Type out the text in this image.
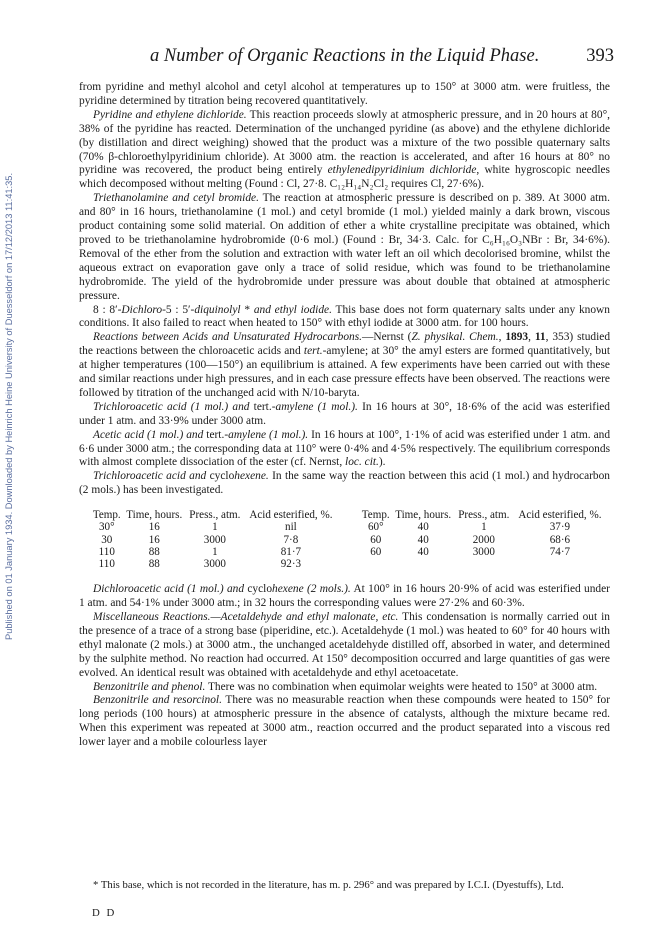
Published on 01 January 1934. Downloaded by Heinrich Heine University of Duesseldorf on 17/12/2013 11:41:35.
a Number of Organic Reactions in the Liquid Phase.	393

from pyridine and methyl alcohol and cetyl alcohol at temperatures up to 150° at 3000 atm. were fruitless, the pyridine determined by titration being recovered quantitatively.

Pyridine and ethylene dichloride. This reaction proceeds slowly at atmospheric pressure, and in 20 hours at 80°, 38% of the pyridine has reacted. Determination of the unchanged pyridine (as above) and the ethylene dichloride (by distillation and direct weighing) showed that the product was a mixture of the two possible quaternary salts (70% β-chloroethylpyridinium chloride). At 3000 atm. the reaction is accelerated, and after 16 hours at 80° no pyridine was recovered, the product being entirely ethylenedipyridinium dichloride, white hygroscopic needles which decomposed without melting (Found : Cl, 27·8. C₁₂H₁₄N₂Cl₂ requires Cl, 27·6%).

Triethanolamine and cetyl bromide. The reaction at atmospheric pressure is described on p. 389. At 3000 atm. and 80° in 16 hours, triethanolamine (1 mol.) and cetyl bromide (1 mol.) yielded mainly a dark brown, viscous product containing some solid material. On addition of ether a white crystalline precipitate was obtained, which proved to be triethanolamine hydrobromide (0·6 mol.) (Found : Br, 34·3. Calc. for C₆H₁₆O₃NBr : Br, 34·6%). Removal of the ether from the solution and extraction with water left an oil which decolorised bromine, whilst the aqueous extract on evaporation gave only a trace of solid residue, which was found to be triethanolamine hydrobromide. The yield of the hydrobromide under pressure was about double that obtained at atmospheric pressure.

8 : 8′-Dichloro-5 : 5′-diquinolyl * and ethyl iodide. This base does not form quaternary salts under any known conditions. It also failed to react when heated to 150° with ethyl iodide at 3000 atm. for 100 hours.

Reactions between Acids and Unsaturated Hydrocarbons.—Nernst (Z. physikal. Chem., 1893, 11, 353) studied the reactions between the chloroacetic acids and tert.-amylene; at 30° the amyl esters are formed quantitatively, but at higher temperatures (100—150°) an equilibrium is attained. A few experiments have been carried out with these and similar reactions under high pressures, and in each case pressure effects have been observed. The reactions were followed by titration of the unchanged acid with N/10-baryta.

Trichloroacetic acid (1 mol.) and tert.-amylene (1 mol.). In 16 hours at 30°, 18·6% of the acid was esterified under 1 atm. and 33·9% under 3000 atm.

Acetic acid (1 mol.) and tert.-amylene (1 mol.). In 16 hours at 100°, 1·1% of acid was esterified under 1 atm. and 6·6 under 3000 atm.; the corresponding data at 110° were 0·4% and 4·5% respectively. The equilibrium corresponds with almost complete dissociation of the ester (cf. Nernst, loc. cit.).

Trichloroacetic acid and cyclohexene. In the same way the reaction between this acid (1 mol.) and hydrocarbon (2 mols.) has been investigated.

Temp.	Time, hours.	Press., atm.	Acid esterified, %.		Temp.	Time, hours.	Press., atm.	Acid esterified, %.
30°	16	1	nil		60°	40	1	37·9
30	16	3000	7·8		60	40	2000	68·6
110	88	1	81·7		60	40	3000	74·7
110	88	3000	92·3					

Dichloroacetic acid (1 mol.) and cyclohexene (2 mols.). At 100° in 16 hours 20·9% of acid was esterified under 1 atm. and 54·1% under 3000 atm.; in 32 hours the corresponding values were 27·2% and 60·3%.

Miscellaneous Reactions.—Acetaldehyde and ethyl malonate, etc. This condensation is normally carried out in the presence of a trace of a strong base (piperidine, etc.). Acetaldehyde (1 mol.) was heated to 60° for 40 hours with ethyl malonate (2 mols.) at 3000 atm., the unchanged acetaldehyde distilled off, absorbed in water, and determined by the sulphite method. No reaction had occurred. At 150° decomposition occurred and large quantities of gas were evolved. An identical result was obtained with acetaldehyde and ethyl acetoacetate.

Benzonitrile and phenol. There was no combination when equimolar weights were heated to 150° at 3000 atm.

Benzonitrile and resorcinol. There was no measurable reaction when these compounds were heated to 150° for long periods (100 hours) at atmospheric pressure in the absence of catalysts, although the mixture became red. When this experiment was repeated at 3000 atm., reaction occurred and the product separated into a viscous red lower layer and a mobile colourless layer

* This base, which is not recorded in the literature, has m. p. 296° and was prepared by I.C.I. (Dyestuffs), Ltd.

D D
